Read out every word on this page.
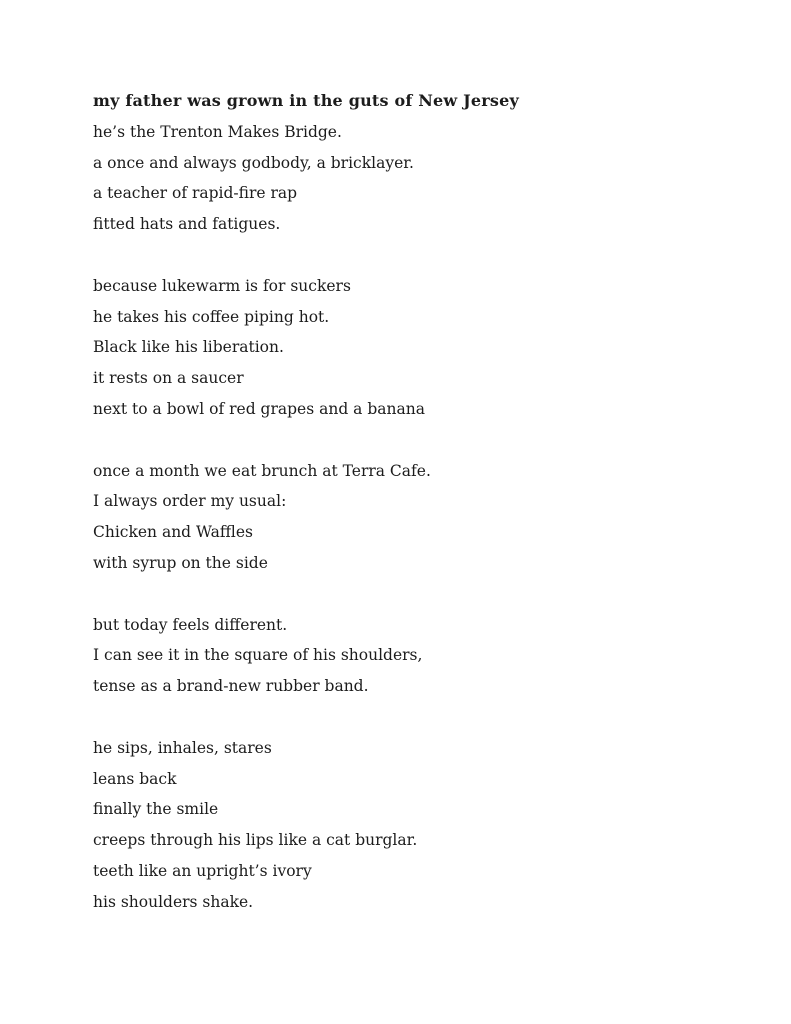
my father was grown in the guts of New Jersey

he’s the Trenton Makes Bridge.

a once and always godbody, a bricklayer.

a teacher of rapid-fire rap

fitted hats and fatigues.

because lukewarm is for suckers

he takes his coffee piping hot.

Black like his liberation.

it rests on a saucer

next to a bowl of red grapes and a banana

once a month we eat brunch at Terra Cafe.

I always order my usual:

Chicken and Waffles

with syrup on the side

but today feels different.

I can see it in the square of his shoulders,

tense as a brand-new rubber band.

he sips, inhales, stares

leans back

finally the smile

creeps through his lips like a cat burglar.

teeth like an upright’s ivory

his shoulders shake.
